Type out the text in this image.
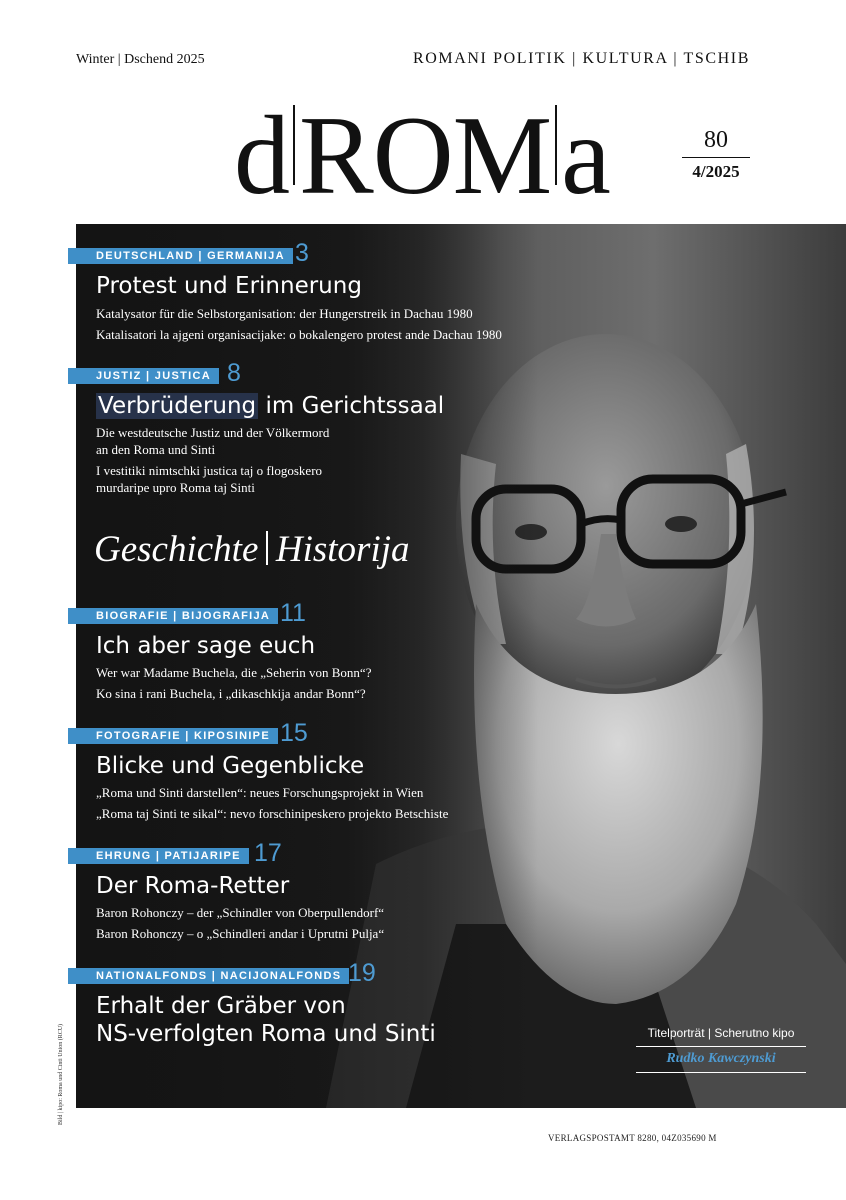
Winter | Dschend 2025	ROMANI POLITIK | KULTURA | TSCHIB
dROMa	80
4/2025
DEUTSCHLAND | GERMANIJA 3
Protest und Erinnerung
Katalysator für die Selbstorganisation: der Hungerstreik in Dachau 1980
Katalisatori la ajgeni organisacijake: o bokalengero protest ande Dachau 1980
JUSTIZ | JUSTICA 8
Verbrüderung im Gerichtssaal
Die westdeutsche Justiz und der Völkermord
an den Roma und Sinti
I vestitiki nimtschki justica taj o flogoskero
murdaripe upro Roma taj Sinti
Geschichte Historija
BIOGRAFIE | BIJOGRAFIJA 11
Ich aber sage euch
Wer war Madame Buchela, die „Seherin von Bonn“?
Ko sina i rani Buchela, i „dikaschkija andar Bonn“?
FOTOGRAFIE | KIPOSINIPE 15
Blicke und Gegenblicke
„Roma und Sinti darstellen“: neues Forschungsprojekt in Wien
„Roma taj Sinti te sikal“: nevo forschinipeskero projekto Betschiste
EHRUNG | PATIJARIPE 17
Der Roma-Retter
Baron Rohonczy – der „Schindler von Oberpullendorf“
Baron Rohonczy – o „Schindleri andar i Uprutni Pulja“
NATIONALFONDS | NACIJONALFONDS 19
Erhalt der Gräber von
NS-verfolgten Roma und Sinti	Titelporträt | Scherutno kipo
Rudko Kawczynski
Bild | kipo: Roma und Cinti Union (RCU)
VERLAGSPOSTAMT 8280, 04Z035690 M
